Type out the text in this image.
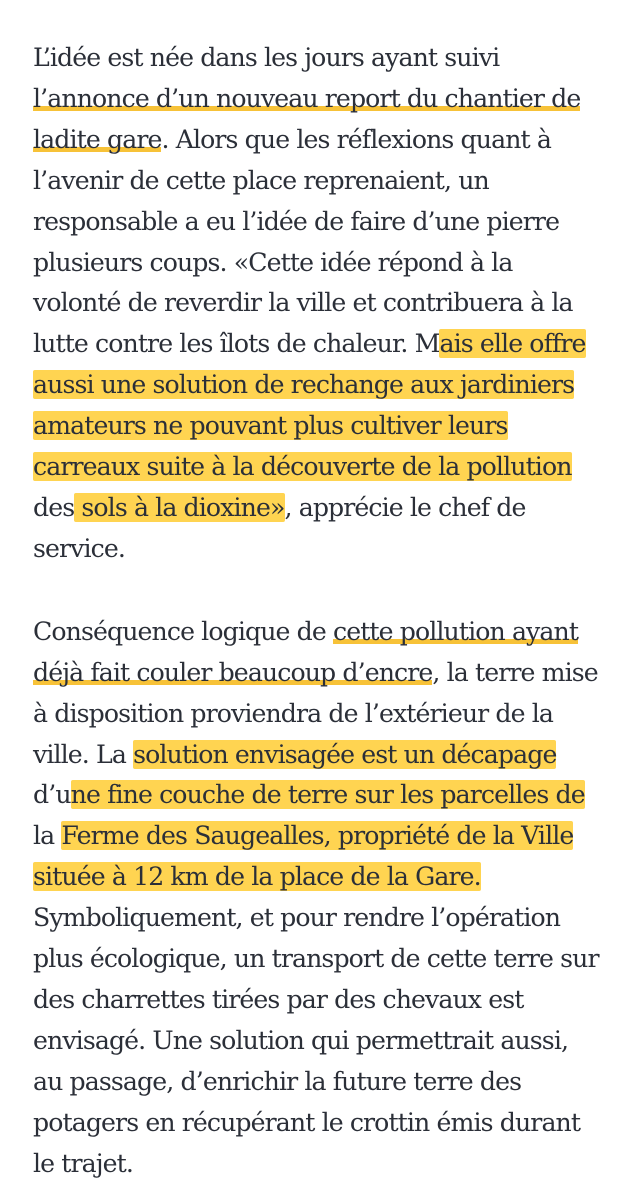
L’idée est née dans les jours ayant suivi
l’annonce d’un nouveau report du chantier de
ladite gare. Alors que les réflexions quant à
l’avenir de cette place reprenaient, un
responsable a eu l’idée de faire d’une pierre
plusieurs coups. «Cette idée répond à la
volonté de reverdir la ville et contribuera à la
lutte contre les îlots de chaleur. Mais elle offre
aussi une solution de rechange aux jardiniers
amateurs ne pouvant plus cultiver leurs
carreaux suite à la découverte de la pollution
des sols à la dioxine», apprécie le chef de
service.

Conséquence logique de cette pollution ayant
déjà fait couler beaucoup d’encre, la terre mise
à disposition proviendra de l’extérieur de la
ville. La solution envisagée est un décapage
d’une fine couche de terre sur les parcelles de
la Ferme des Saugealles, propriété de la Ville
située à 12 km de la place de la Gare.
Symboliquement, et pour rendre l’opération
plus écologique, un transport de cette terre sur
des charrettes tirées par des chevaux est
envisagé. Une solution qui permettrait aussi,
au passage, d’enrichir la future terre des
potagers en récupérant le crottin émis durant
le trajet.
